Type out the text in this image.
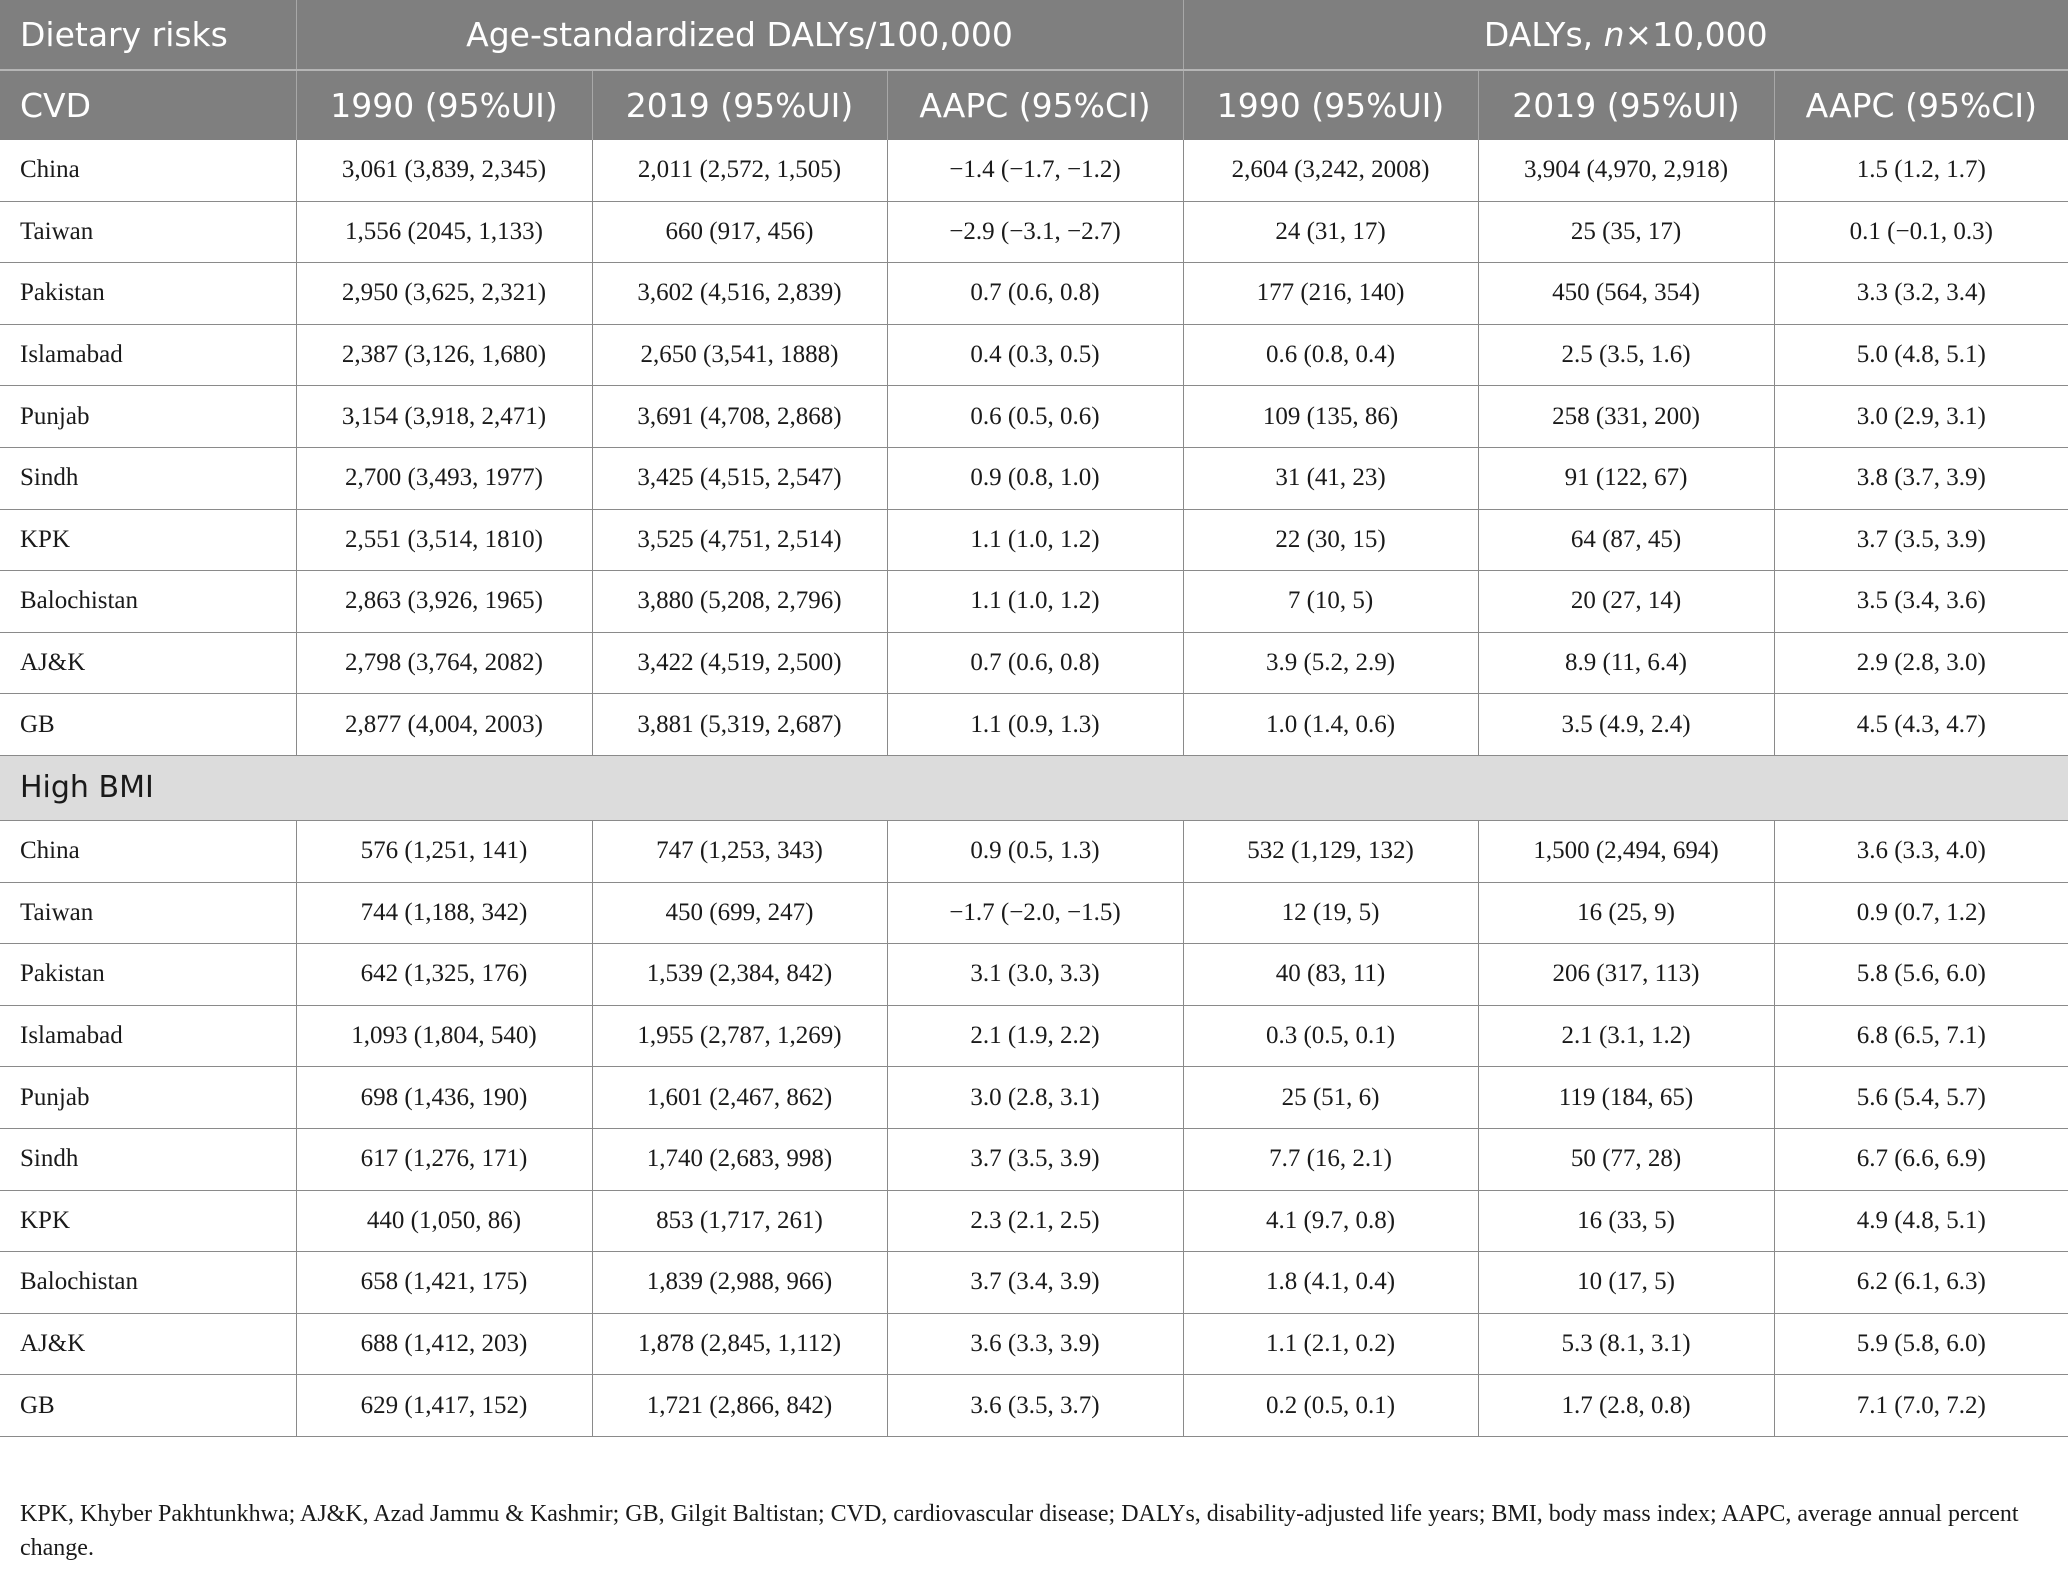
Dietary risks	Age-standardized DALYs/100,000			DALYs, n×10,000		
CVD	1990 (95%UI)	2019 (95%UI)	AAPC (95%CI)	1990 (95%UI)	2019 (95%UI)	AAPC (95%CI)
China	3,061 (3,839, 2,345)	2,011 (2,572, 1,505)	−1.4 (−1.7, −1.2)	2,604 (3,242, 2008)	3,904 (4,970, 2,918)	1.5 (1.2, 1.7)
Taiwan	1,556 (2045, 1,133)	660 (917, 456)	−2.9 (−3.1, −2.7)	24 (31, 17)	25 (35, 17)	0.1 (−0.1, 0.3)
Pakistan	2,950 (3,625, 2,321)	3,602 (4,516, 2,839)	0.7 (0.6, 0.8)	177 (216, 140)	450 (564, 354)	3.3 (3.2, 3.4)
Islamabad	2,387 (3,126, 1,680)	2,650 (3,541, 1888)	0.4 (0.3, 0.5)	0.6 (0.8, 0.4)	2.5 (3.5, 1.6)	5.0 (4.8, 5.1)
Punjab	3,154 (3,918, 2,471)	3,691 (4,708, 2,868)	0.6 (0.5, 0.6)	109 (135, 86)	258 (331, 200)	3.0 (2.9, 3.1)
Sindh	2,700 (3,493, 1977)	3,425 (4,515, 2,547)	0.9 (0.8, 1.0)	31 (41, 23)	91 (122, 67)	3.8 (3.7, 3.9)
KPK	2,551 (3,514, 1810)	3,525 (4,751, 2,514)	1.1 (1.0, 1.2)	22 (30, 15)	64 (87, 45)	3.7 (3.5, 3.9)
Balochistan	2,863 (3,926, 1965)	3,880 (5,208, 2,796)	1.1 (1.0, 1.2)	7 (10, 5)	20 (27, 14)	3.5 (3.4, 3.6)
AJ&K	2,798 (3,764, 2082)	3,422 (4,519, 2,500)	0.7 (0.6, 0.8)	3.9 (5.2, 2.9)	8.9 (11, 6.4)	2.9 (2.8, 3.0)
GB	2,877 (4,004, 2003)	3,881 (5,319, 2,687)	1.1 (0.9, 1.3)	1.0 (1.4, 0.6)	3.5 (4.9, 2.4)	4.5 (4.3, 4.7)
High BMI						
China	576 (1,251, 141)	747 (1,253, 343)	0.9 (0.5, 1.3)	532 (1,129, 132)	1,500 (2,494, 694)	3.6 (3.3, 4.0)
Taiwan	744 (1,188, 342)	450 (699, 247)	−1.7 (−2.0, −1.5)	12 (19, 5)	16 (25, 9)	0.9 (0.7, 1.2)
Pakistan	642 (1,325, 176)	1,539 (2,384, 842)	3.1 (3.0, 3.3)	40 (83, 11)	206 (317, 113)	5.8 (5.6, 6.0)
Islamabad	1,093 (1,804, 540)	1,955 (2,787, 1,269)	2.1 (1.9, 2.2)	0.3 (0.5, 0.1)	2.1 (3.1, 1.2)	6.8 (6.5, 7.1)
Punjab	698 (1,436, 190)	1,601 (2,467, 862)	3.0 (2.8, 3.1)	25 (51, 6)	119 (184, 65)	5.6 (5.4, 5.7)
Sindh	617 (1,276, 171)	1,740 (2,683, 998)	3.7 (3.5, 3.9)	7.7 (16, 2.1)	50 (77, 28)	6.7 (6.6, 6.9)
KPK	440 (1,050, 86)	853 (1,717, 261)	2.3 (2.1, 2.5)	4.1 (9.7, 0.8)	16 (33, 5)	4.9 (4.8, 5.1)
Balochistan	658 (1,421, 175)	1,839 (2,988, 966)	3.7 (3.4, 3.9)	1.8 (4.1, 0.4)	10 (17, 5)	6.2 (6.1, 6.3)
AJ&K	688 (1,412, 203)	1,878 (2,845, 1,112)	3.6 (3.3, 3.9)	1.1 (2.1, 0.2)	5.3 (8.1, 3.1)	5.9 (5.8, 6.0)
GB	629 (1,417, 152)	1,721 (2,866, 842)	3.6 (3.5, 3.7)	0.2 (0.5, 0.1)	1.7 (2.8, 0.8)	7.1 (7.0, 7.2)
KPK, Khyber Pakhtunkhwa; AJ&K, Azad Jammu & Kashmir; GB, Gilgit Baltistan; CVD, cardiovascular disease; DALYs, disability-adjusted life years; BMI, body mass index; AAPC, average annual percent change.
